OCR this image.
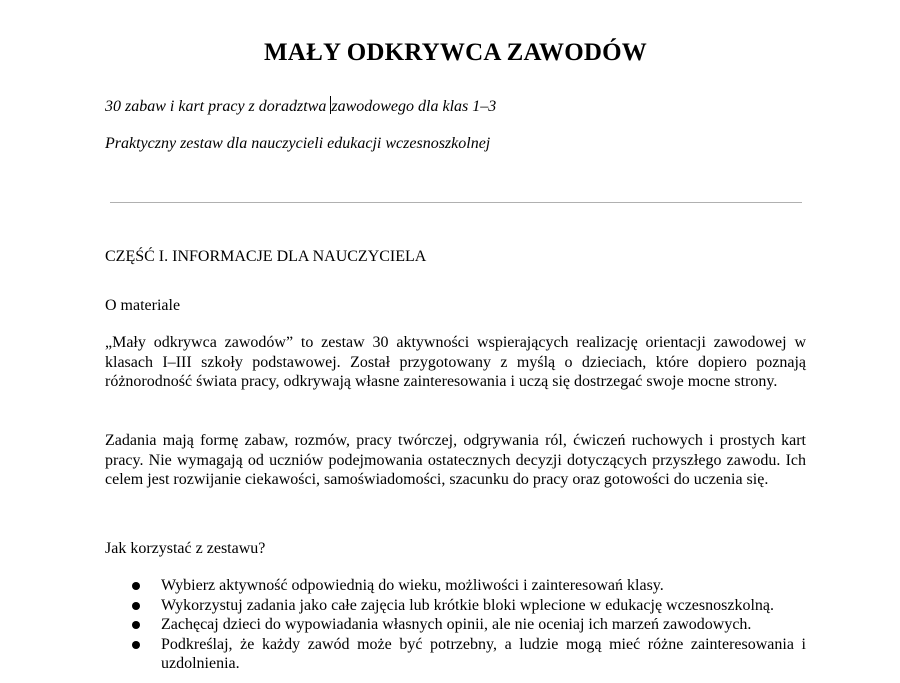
MAŁY ODKRYWCA ZAWODÓW
30 zabaw i kart pracy z doradztwa zawodowego dla klas 1–3
Praktyczny zestaw dla nauczycieli edukacji wczesnoszkolnej
CZĘŚĆ I. INFORMACJE DLA NAUCZYCIELA
O materiale
„Mały odkrywca zawodów” to zestaw 30 aktywności wspierających realizację orientacji zawodowej w klasach I–III szkoły podstawowej. Został przygotowany z myślą o dzieciach, które dopiero poznają różnorodność świata pracy, odkrywają własne zainteresowania i uczą się dostrzegać swoje mocne strony.
Zadania mają formę zabaw, rozmów, pracy twórczej, odgrywania ról, ćwiczeń ruchowych i prostych kart pracy. Nie wymagają od uczniów podejmowania ostatecznych decyzji dotyczących przyszłego zawodu. Ich celem jest rozwijanie ciekawości, samoświadomości, szacunku do pracy oraz gotowości do uczenia się.
Jak korzystać z zestawu?
Wybierz aktywność odpowiednią do wieku, możliwości i zainteresowań klasy.
Wykorzystuj zadania jako całe zajęcia lub krótkie bloki wplecione w edukację wczesnoszkolną.
Zachęcaj dzieci do wypowiadania własnych opinii, ale nie oceniaj ich marzeń zawodowych.
Podkreślaj, że każdy zawód może być potrzebny, a ludzie mogą mieć różne zainteresowania i uzdolnienia.
